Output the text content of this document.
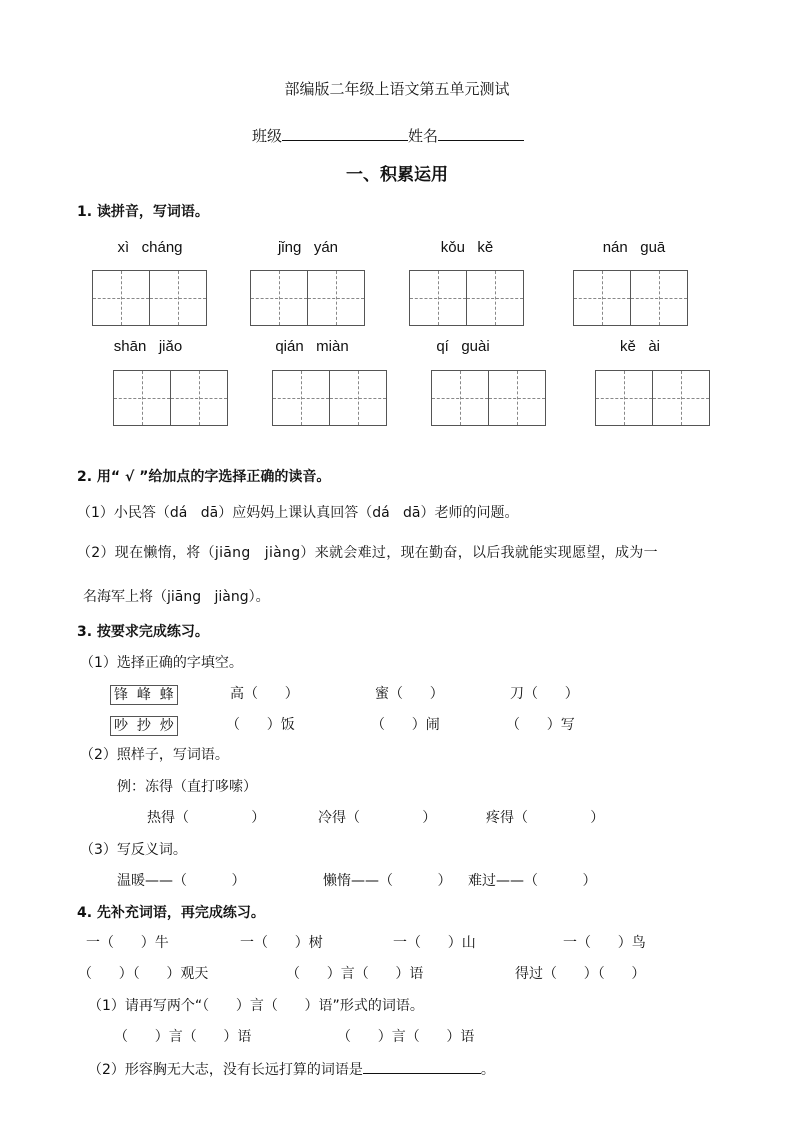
部编版二年级上语文第五单元测试
班级	姓名
一、积累运用
1. 读拼音，写词语。
xì   cháng	jǐng   yán	kǒu   kě	nán   guā
shān   jiǎo	qián   miàn	qí   guài	kě   ài
2. 用“ √ ”给加点的字选择正确的读音。
（1）小民答（dá   dā）应妈妈上课认真回答（dá   dā）老师的问题。
（2）现在懒惰，将（jiāng   jiàng）来就会难过，现在勤奋，以后我就能实现愿望，成为一
名海军上将（jiāng   jiàng）。
3. 按要求完成练习。
（1）选择正确的字填空。
锋  峰  蜂	高（      ）	蜜（      ）	刀（      ）
吵  抄  炒	（      ）饭	（      ）闹	（      ）写
（2）照样子，写词语。
例：冻得（直打哆嗦）
热得（              ）	冷得（              ）	疼得（              ）
（3）写反义词。
温暖——（          ）	懒惰——（          ） 难过——（          ）
4. 先补充词语，再完成练习。
一（      ）牛	一（      ）树	一（      ）山	一（      ）鸟
（      ）（      ）观天	（      ）言（      ）语	得过（      ）（      ）
（1）请再写两个“（      ）言（      ）语”形式的词语。
（      ）言（      ）语	（      ）言（      ）语
（2）形容胸无大志，没有长远打算的词语是	。
